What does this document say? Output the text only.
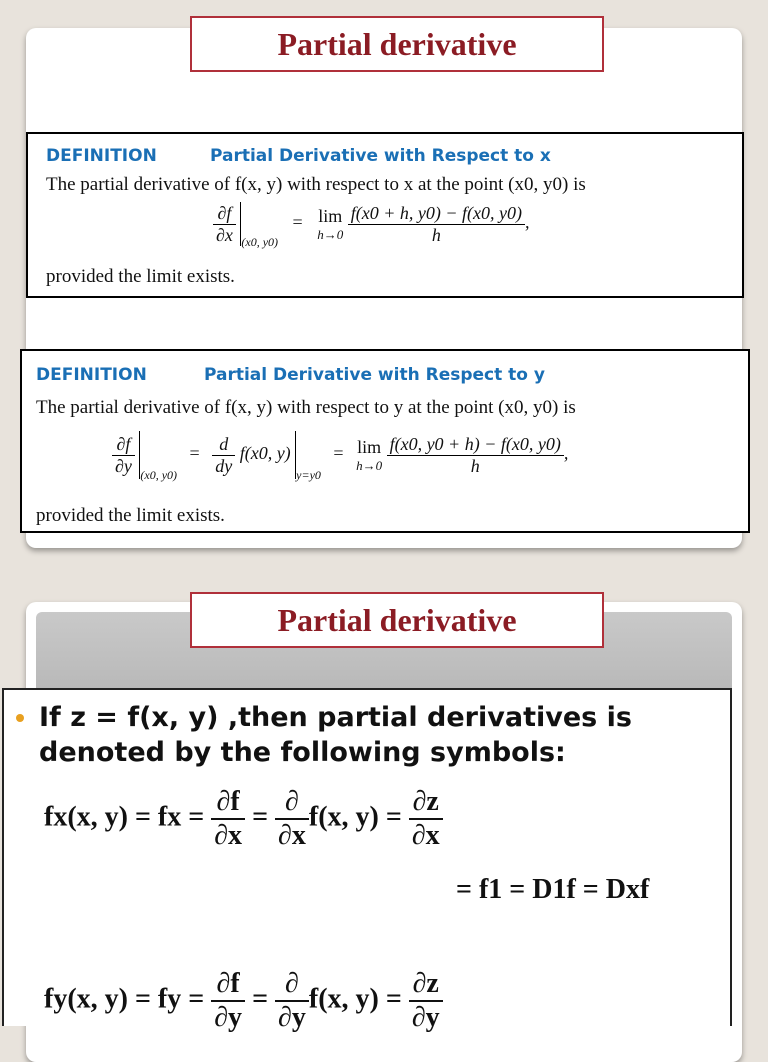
Partial derivative
DEFINITION	Partial Derivative with Respect to x
The partial derivative of f(x, y) with respect to x at the point (x0, y0) is
$\frac{\partial f}{\partial x} _{(x0, y0)} = \lim$
h→0
$\frac{f(x0 + h, y0) - f(x0, y0)}{h}$ ,
provided the limit exists.
DEFINITION	Partial Derivative with Respect to y
The partial derivative of f(x, y) with respect to y at the point (x0, y0) is
$\frac{\partial f}{\partial y} _{(x0, y0)} = \frac{d}{dy} f(x0$, y) $_{y=y0}$ = lim
h→0
$\frac{f(x0, y0 + h) - f(x0, y0)}{h}$ ,
provided the limit exists.
Partial derivative
If z = f(x, y) ,then partial derivatives is denoted by the following symbols:
fx(x, y) = fx = $\frac{\partial f}{\partial x} = \frac{\partial}{\partial x} f(x$, $y) = \frac{\partial z}{\partial x}$
= f1 = D1f = Dxf
fy(x, y) = fy = $\frac{\partial f}{\partial y} = \frac{\partial}{\partial y} f(x$, $y) = \frac{\partial z}{\partial y}$
